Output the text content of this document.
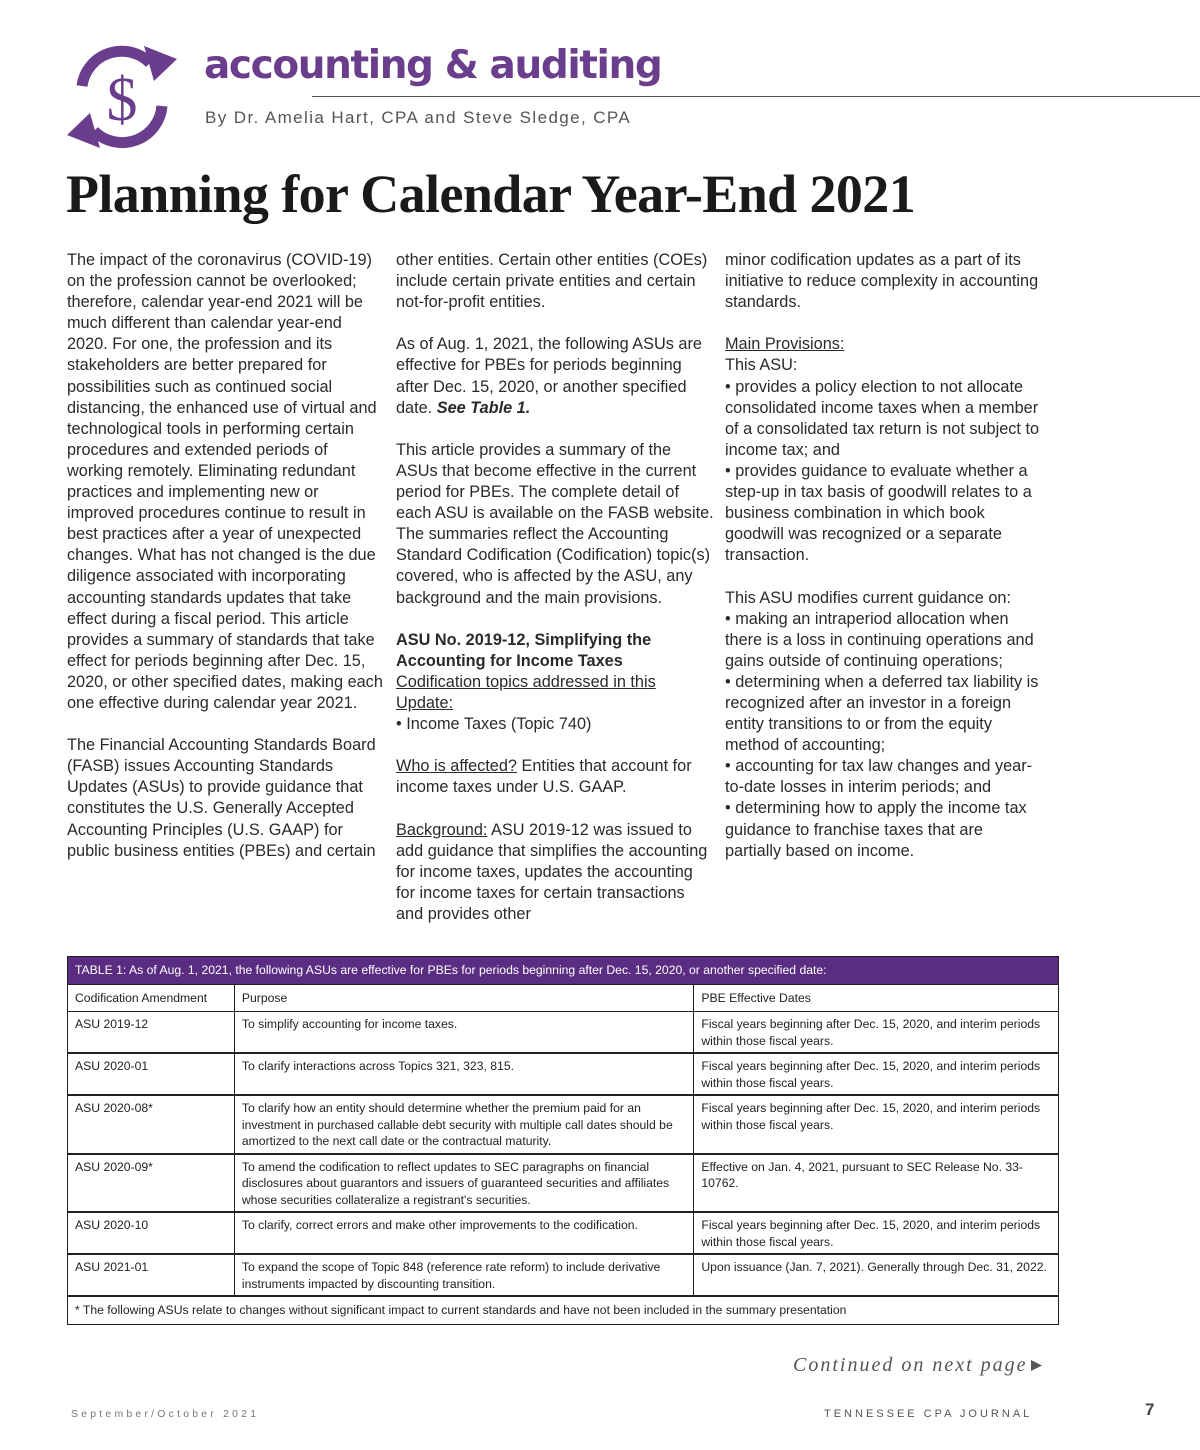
$
accounting & auditing
By Dr. Amelia Hart, CPA and Steve Sledge, CPA
Planning for Calendar Year-End 2021

The impact of the coronavirus (COVID-19) on the profession cannot be overlooked; therefore, calendar year-end 2021 will be much different than calendar year-end 2020. For one, the profession and its stakeholders are better prepared for possibilities such as continued social distancing, the enhanced use of virtual and technological tools in performing certain procedures and extended periods of working remotely. Eliminating redundant practices and implementing new or improved procedures continue to result in best practices after a year of unexpected changes. What has not changed is the due diligence associated with incorporating accounting standards updates that take effect during a fiscal period. This article provides a summary of standards that take effect for periods beginning after Dec. 15, 2020, or other specified dates, making each one effective during calendar year 2021.

The Financial Accounting Standards Board (FASB) issues Accounting Standards Updates (ASUs) to provide guidance that constitutes the U.S. Generally Accepted Accounting Principles (U.S. GAAP) for public business entities (PBEs) and certain

other entities. Certain other entities (COEs) include certain private entities and certain not-for-profit entities.

As of Aug. 1, 2021, the following ASUs are effective for PBEs for periods beginning after Dec. 15, 2020, or another specified date. See Table 1.

This article provides a summary of the ASUs that become effective in the current period for PBEs. The complete detail of each ASU is available on the FASB website. The summaries reflect the Accounting Standard Codification (Codification) topic(s) covered, who is affected by the ASU, any background and the main provisions.

ASU No. 2019-12, Simplifying the Accounting for Income Taxes

Codification topics addressed in this Update:

• Income Taxes (Topic 740)

Who is affected? Entities that account for income taxes under U.S. GAAP.

Background: ASU 2019-12 was issued to add guidance that simplifies the accounting for income taxes, updates the accounting for income taxes for certain transactions and provides other

minor codification updates as a part of its initiative to reduce complexity in accounting standards.

Main Provisions:
This ASU:
• provides a policy election to not allocate consolidated income taxes when a member of a consolidated tax return is not subject to income tax; and

• provides guidance to evaluate whether a step-up in tax basis of goodwill relates to a business combination in which book goodwill was recognized or a separate transaction.

This ASU modifies current guidance on:
• making an intraperiod allocation when there is a loss in continuing operations and gains outside of continuing operations;
• determining when a deferred tax liability is recognized after an investor in a foreign entity transitions to or from the equity method of accounting;
• accounting for tax law changes and year-to-date losses in interim periods; and
• determining how to apply the income tax guidance to franchise taxes that are partially based on income.
TABLE 1: As of Aug. 1, 2021, the following ASUs are effective for PBEs for periods beginning after Dec. 15, 2020, or another specified date:		
Codification Amendment	Purpose	PBE Effective Dates
ASU 2019-12	To simplify accounting for income taxes.	Fiscal years beginning after Dec. 15, 2020, and interim periods within those fiscal years.
ASU 2020-01	To clarify interactions across Topics 321, 323, 815.	Fiscal years beginning after Dec. 15, 2020, and interim periods within those fiscal years.
ASU 2020-08*	To clarify how an entity should determine whether the premium paid for an investment in purchased callable debt security with multiple call dates should be amortized to the next call date or the contractual maturity.	Fiscal years beginning after Dec. 15, 2020, and interim periods within those fiscal years.
ASU 2020-09*	To amend the codification to reflect updates to SEC paragraphs on financial disclosures about guarantors and issuers of guaranteed securities and affiliates whose securities collateralize a registrant's securities.	Effective on Jan. 4, 2021, pursuant to SEC Release No. 33-10762.
ASU 2020-10	To clarify, correct errors and make other improvements to the codification.	Fiscal years beginning after Dec. 15, 2020, and interim periods within those fiscal years.
ASU 2021-01	To expand the scope of Topic 848 (reference rate reform) to include derivative instruments impacted by discounting transition.	Upon issuance (Jan. 7, 2021). Generally through Dec. 31, 2022.
* The following ASUs relate to changes without significant impact to current standards and have not been included in the summary presentation		
Continued on next page
September/October 2021	TENNESSEE CPA JOURNAL	7
